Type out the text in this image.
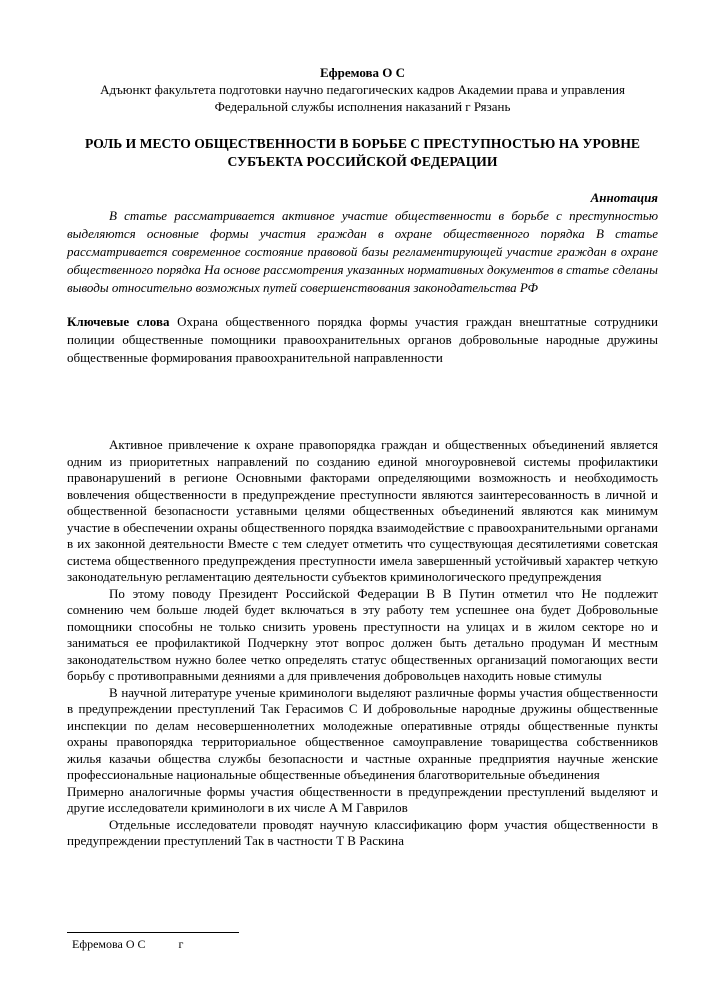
Ефремова О С

Адъюнкт факультета подготовки научно педагогических кадров Академии права и управления

Федеральной службы исполнения наказаний г Рязань

РОЛЬ И МЕСТО ОБЩЕСТВЕННОСТИ В БОРЬБЕ С ПРЕСТУПНОСТЬЮ НА УРОВНЕ СУБЪЕКТА РОССИЙСКОЙ ФЕДЕРАЦИИ

Аннотация

В статье рассматривается активное участие общественности в борьбе с преступностью выделяются основные формы участия граждан в охране общественного порядка В статье рассматривается современное состояние правовой базы регламентирующей участие граждан в охране общественного порядка На основе рассмотрения указанных нормативных документов в статье сделаны выводы относительно возможных путей совершенствования законодательства РФ

Ключевые слова Охрана общественного порядка формы участия граждан внештатные сотрудники полиции общественные помощники правоохранительных органов добровольные народные дружины общественные формирования правоохранительной направленности

Активное привлечение к охране правопорядка граждан и общественных объединений является одним из приоритетных направлений по созданию единой многоуровневой системы профилактики правонарушений в регионе Основными факторами определяющими возможность и необходимость вовлечения общественности в предупреждение преступности являются заинтересованность в личной и общественной безопасности уставными целями общественных объединений являются как минимум участие в обеспечении охраны общественного порядка взаимодействие с правоохранительными органами в их законной деятельности Вместе с тем следует отметить что существующая десятилетиями советская система общественного предупреждения преступности имела завершенный устойчивый характер четкую законодательную регламентацию деятельности субъектов криминологического предупреждения

По этому поводу Президент Российской Федерации В В Путин отметил что Не подлежит сомнению чем больше людей будет включаться в эту работу тем успешнее она будет Добровольные помощники способны не только снизить уровень преступности на улицах и в жилом секторе но и заниматься ее профилактикой Подчеркну этот вопрос должен быть детально продуман И местным законодательством нужно более четко определять статус общественных организаций помогающих вести борьбу с противоправными деяниями а для привлечения добровольцев находить новые стимулы

В научной литературе ученые криминологи выделяют различные формы участия общественности в предупреждении преступлений Так Герасимов С И добровольные народные дружины общественные инспекции по делам несовершеннолетних молодежные оперативные отряды общественные пункты охраны правопорядка территориальное общественное самоуправление товарищества собственников жилья казачьи общества службы безопасности и частные охранные предприятия научные женские профессиональные национальные общественные объединения благотворительные объединения

Примерно аналогичные формы участия общественности в предупреждении преступлений выделяют и другие исследователи криминологи в их числе А М Гаврилов

Отдельные исследователи проводят научную классификацию форм участия общественности в предупреждении преступлений Так в частности Т В Раскина

Ефремова О С           г
